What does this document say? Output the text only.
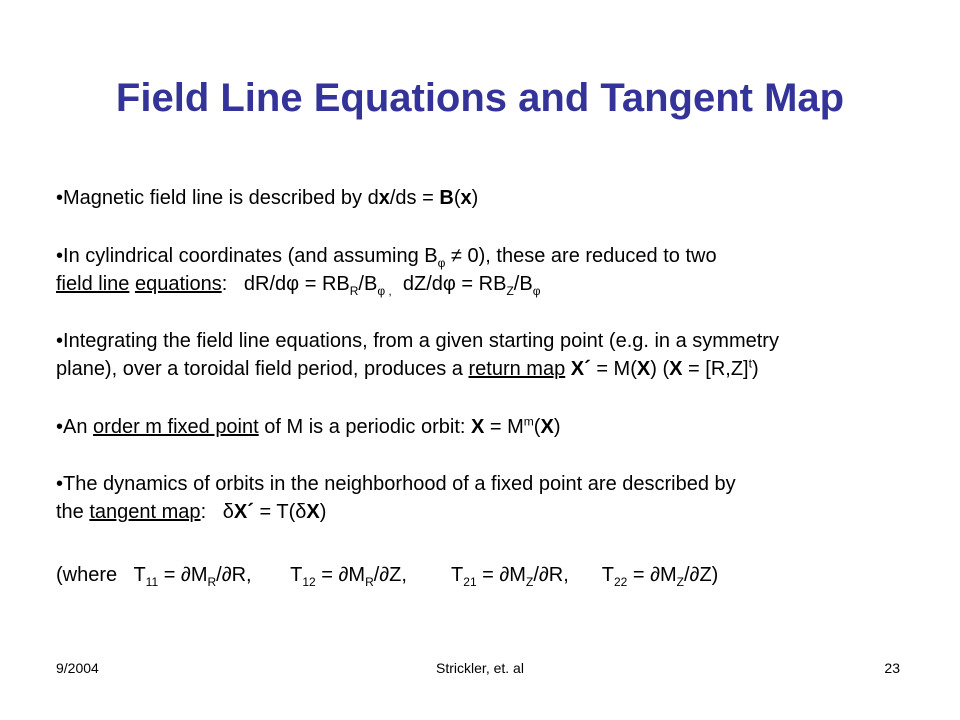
Field Line Equations and Tangent Map
•Magnetic field line is described by dx/ds = B(x)
•In cylindrical coordinates (and assuming $B_\varphi \ne 0$), these are reduced to two
field line equations:   $dR/d\varphi = RB_R/B_{\varphi ,}$  $dZ/d\varphi = RB_Z/B_\varphi$
•Integrating the field line equations, from a given starting point (e.g. in a symmetry
plane), over a toroidal field period, produces a return map X´ = M(X) $(X = [R,Z]^t)$
•An order m fixed point of M is a periodic orbit: $X = M^m(X)$
•The dynamics of orbits in the neighborhood of a fixed point are described by
the tangent map:   δX´ = T(δX)
(where   $T_{11} = \partial M_R/\partial R$,       $T_{12} = \partial M_R/\partial Z$,        $T_{21} = \partial M_Z/\partial R$,      $T_{22} = \partial M_Z/\partial Z$)
9/2004	Strickler, et. al	23
